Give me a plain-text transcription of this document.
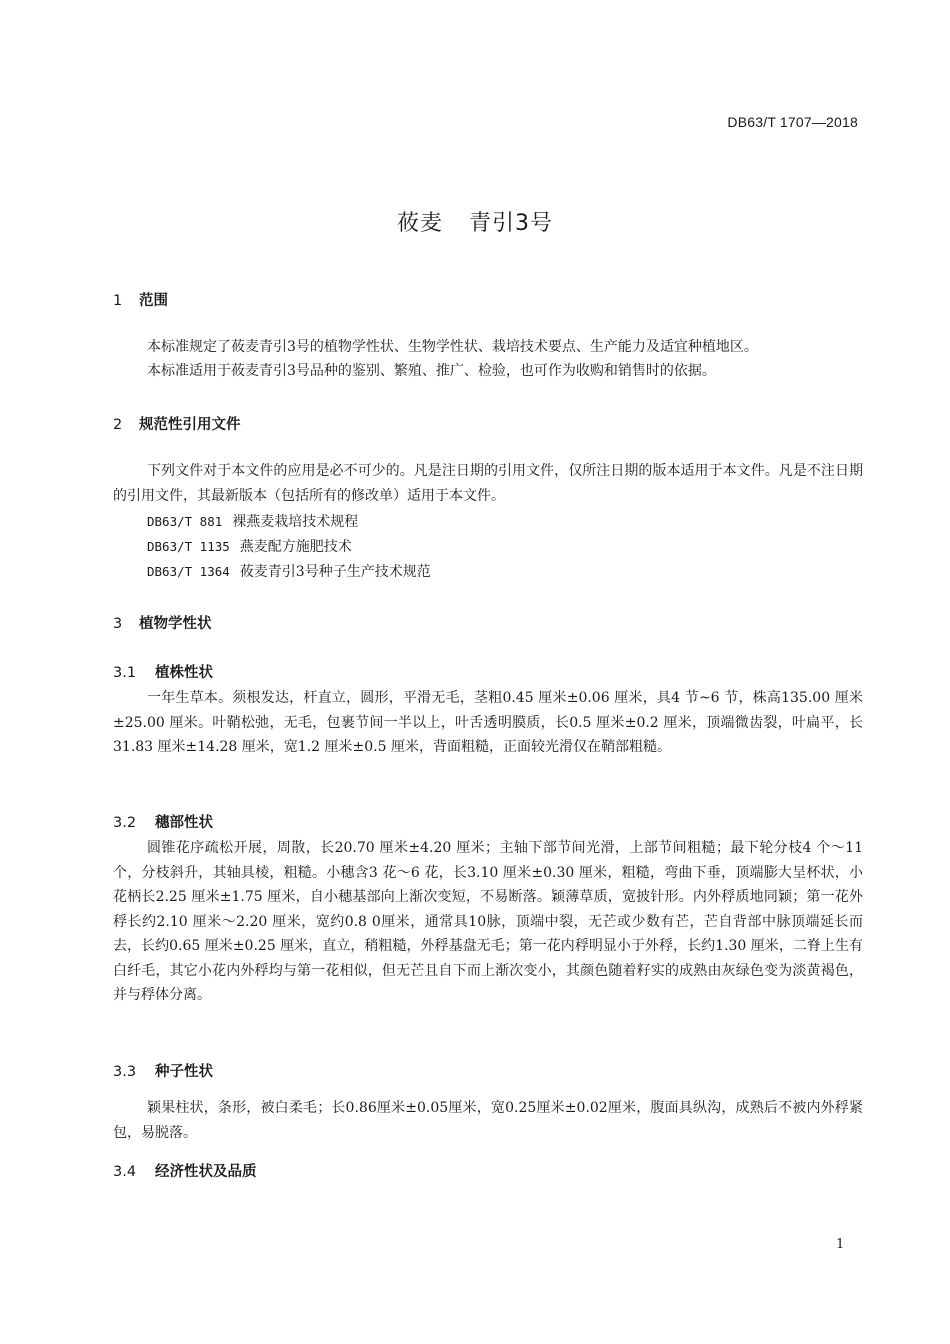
DB63/T 1707—2018
莜麦 青引3号
1 范围

本标准规定了莜麦青引3号的植物学性状、生物学性状、栽培技术要点、生产能力及适宜种植地区。

本标准适用于莜麦青引3号品种的鉴别、繁殖、推广、检验，也可作为收购和销售时的依据。

2 规范性引用文件

下列文件对于本文件的应用是必不可少的。凡是注日期的引用文件，仅所注日期的版本适用于本文件。凡是不注日期的引用文件，其最新版本（包括所有的修改单）适用于本文件。

DB63/T 881 裸燕麦栽培技术规程
DB63/T 1135 燕麦配方施肥技术
DB63/T 1364 莜麦青引3号种子生产技术规范
3 植物学性状
3.1 植株性状

一年生草本。须根发达，杆直立，圆形，平滑无毛，茎粗0.45 厘米±0.06 厘米，具4 节~6 节，株高135.00 厘米±25.00 厘米。叶鞘松弛，无毛，包裹节间一半以上，叶舌透明膜质，长0.5 厘米±0.2 厘米，顶端微齿裂，叶扁平，长31.83 厘米±14.28 厘米，宽1.2 厘米±0.5 厘米，背面粗糙，正面较光滑仅在鞘部粗糙。

3.2 穗部性状

圆锥花序疏松开展，周散，长20.70 厘米±4.20 厘米；主轴下部节间光滑，上部节间粗糙；最下轮分枝4 个～11 个，分枝斜升，其轴具棱，粗糙。小穗含3 花～6 花，长3.10 厘米±0.30 厘米，粗糙，弯曲下垂，顶端膨大呈杯状，小花柄长2.25 厘米±1.75 厘米，自小穗基部向上渐次变短，不易断落。颖薄草质，宽披针形。内外稃质地同颖；第一花外稃长约2.10 厘米～2.20 厘米，宽约0.8 0厘米，通常具10脉，顶端中裂，无芒或少数有芒，芒自背部中脉顶端延长而去，长约0.65 厘米±0.25 厘米，直立，稍粗糙，外稃基盘无毛；第一花内稃明显小于外稃，长约1.30 厘米，二脊上生有白纤毛，其它小花内外稃均与第一花相似，但无芒且自下而上渐次变小，其颜色随着籽实的成熟由灰绿色变为淡黄褐色，并与稃体分离。

3.3 种子性状

颖果柱状，条形，被白柔毛；长0.86厘米±0.05厘米，宽0.25厘米±0.02厘米，腹面具纵沟，成熟后不被内外稃紧包，易脱落。

3.4 经济性状及品质
1
